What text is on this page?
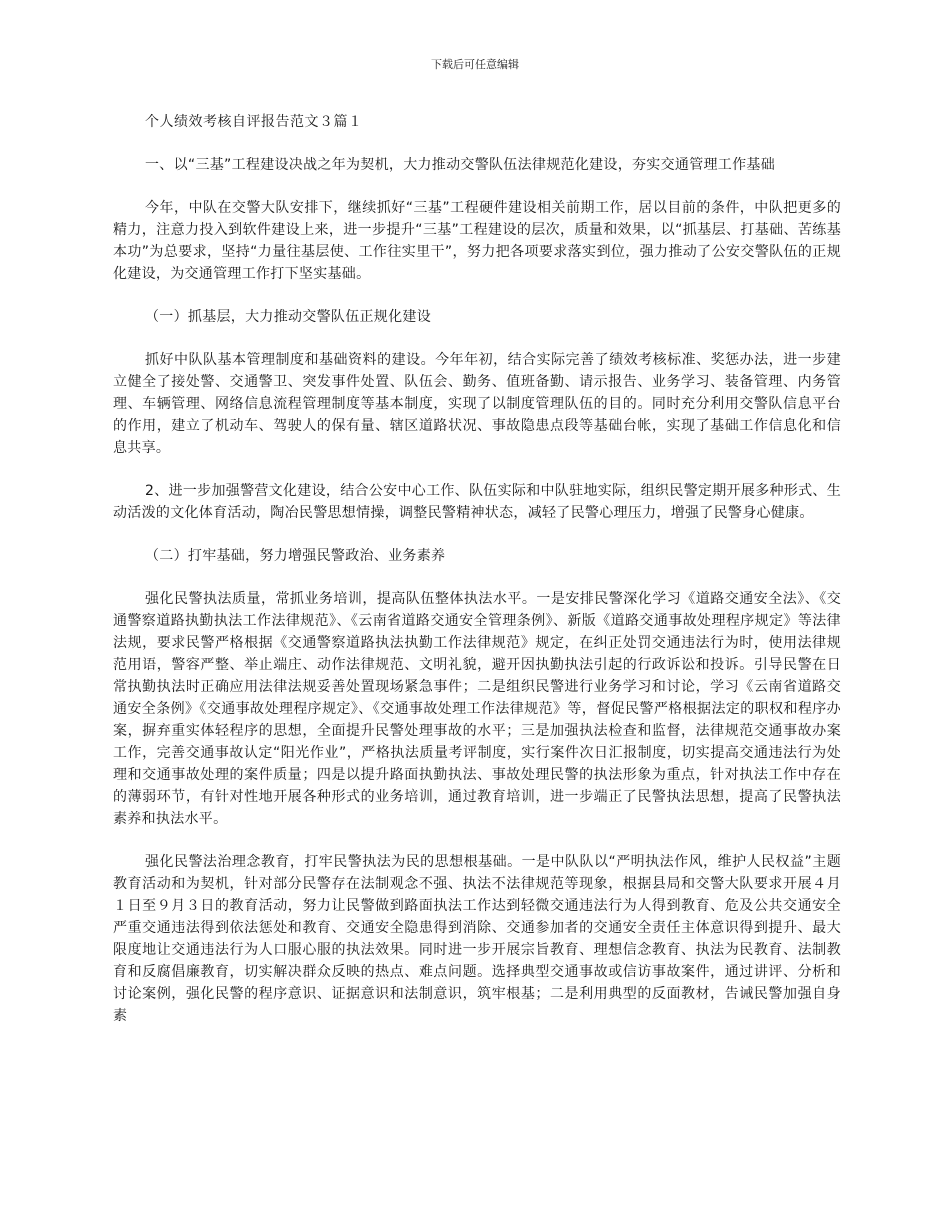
下载后可任意编辑
个人绩效考核自评报告范文３篇１

一、以“三基”工程建设决战之年为契机，大力推动交警队伍法律规范化建设，夯实交通管理工作基础

今年，中队在交警大队安排下，继续抓好“三基”工程硬件建设相关前期工作，居以目前的条件，中队把更多的精力，注意力投入到软件建设上来，进一步提升“三基”工程建设的层次，质量和效果，以“抓基层、打基础、苦练基本功”为总要求，坚持“力量往基层使、工作往实里干”，努力把各项要求落实到位，强力推动了公安交警队伍的正规化建设，为交通管理工作打下坚实基础。

（一）抓基层，大力推动交警队伍正规化建设

抓好中队队基本管理制度和基础资料的建设。今年年初，结合实际完善了绩效考核标准、奖惩办法，进一步建立健全了接处警、交通警卫、突发事件处置、队伍会、勤务、值班备勤、请示报告、业务学习、装备管理、内务管理、车辆管理、网络信息流程管理制度等基本制度，实现了以制度管理队伍的目的。同时充分利用交警队信息平台的作用，建立了机动车、驾驶人的保有量、辖区道路状况、事故隐患点段等基础台帐，实现了基础工作信息化和信息共享。

2、进一步加强警营文化建设，结合公安中心工作、队伍实际和中队驻地实际，组织民警定期开展多种形式、生动活泼的文化体育活动，陶冶民警思想情操，调整民警精神状态，减轻了民警心理压力，增强了民警身心健康。

（二）打牢基础，努力增强民警政治、业务素养

强化民警执法质量，常抓业务培训，提高队伍整体执法水平。一是安排民警深化学习《道路交通安全法》、《交通警察道路执勤执法工作法律规范》、《云南省道路交通安全管理条例》、新版《道路交通事故处理程序规定》等法律法规，要求民警严格根据《交通警察道路执法执勤工作法律规范》规定，在纠正处罚交通违法行为时，使用法律规范用语，警容严整、举止端庄、动作法律规范、文明礼貌，避开因执勤执法引起的行政诉讼和投诉。引导民警在日常执勤执法时正确应用法律法规妥善处置现场紧急事件；二是组织民警进行业务学习和讨论，学习《云南省道路交通安全条例》《交通事故处理程序规定》、《交通事故处理工作法律规范》等，督促民警严格根据法定的职权和程序办案，摒弃重实体轻程序的思想，全面提升民警处理事故的水平；三是加强执法检查和监督，法律规范交通事故办案工作，完善交通事故认定“阳光作业”，严格执法质量考评制度，实行案件次日汇报制度，切实提高交通违法行为处理和交通事故处理的案件质量；四是以提升路面执勤执法、事故处理民警的执法形象为重点，针对执法工作中存在的薄弱环节，有针对性地开展各种形式的业务培训，通过教育培训，进一步端正了民警执法思想，提高了民警执法素养和执法水平。

强化民警法治理念教育，打牢民警执法为民的思想根基础。一是中队队以“严明执法作风，维护人民权益”主题教育活动和为契机，针对部分民警存在法制观念不强、执法不法律规范等现象，根据县局和交警大队要求开展４月１日至９月３日的教育活动，努力让民警做到路面执法工作达到轻微交通违法行为人得到教育、危及公共交通安全严重交通违法得到依法惩处和教育、交通安全隐患得到消除、交通参加者的交通安全责任主体意识得到提升、最大限度地让交通违法行为人口服心服的执法效果。同时进一步开展宗旨教育、理想信念教育、执法为民教育、法制教育和反腐倡廉教育，切实解决群众反映的热点、难点问题。选择典型交通事故或信访事故案件，通过讲评、分析和讨论案例，强化民警的程序意识、证据意识和法制意识，筑牢根基；二是利用典型的反面教材，告诫民警加强自身素
